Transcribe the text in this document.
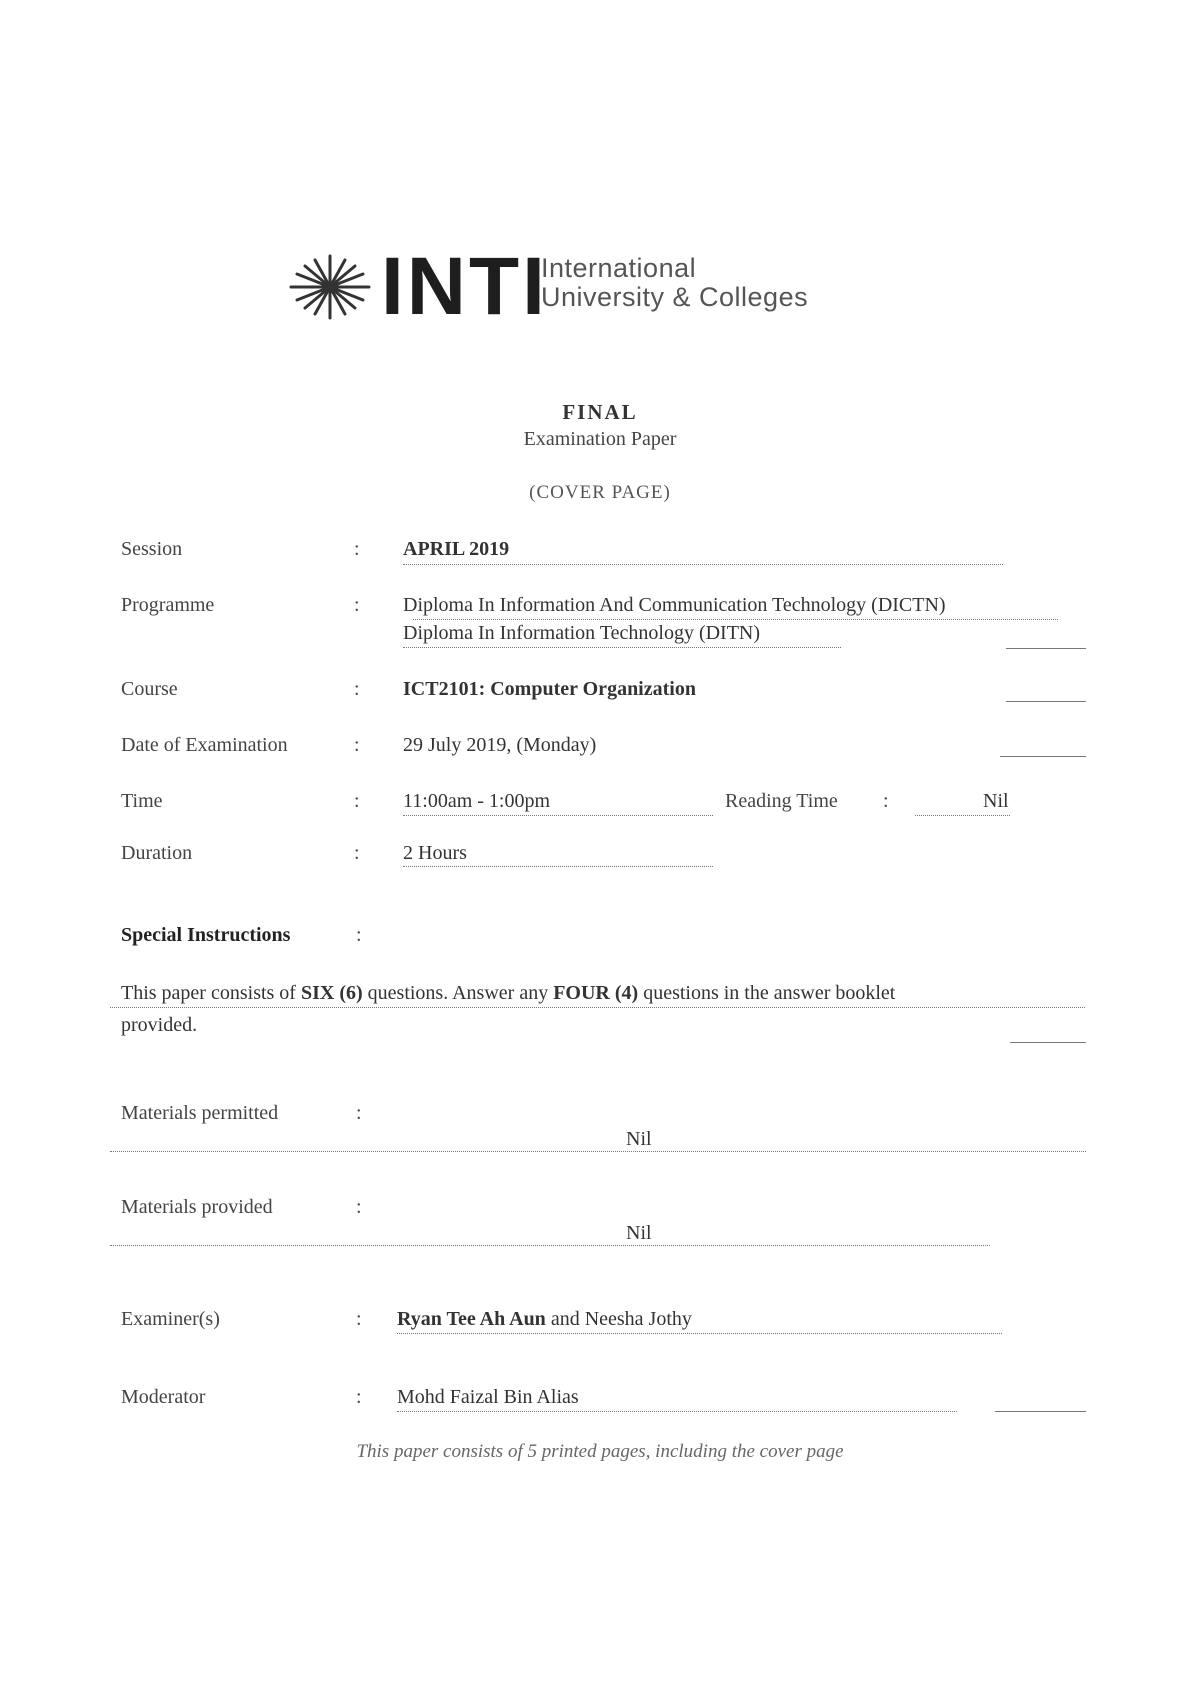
INTI
International
University & Colleges
FINAL
Examination Paper
(COVER PAGE)
Session	: APRIL 2019
Programme	: Diploma In Information And Communication Technology (DICTN)
Diploma In Information Technology (DITN)
Course	: ICT2101: Computer Organization
Date of Examination	: 29 July 2019, (Monday)
Time	: 11:00am - 1:00pm	Reading Time :	Nil
Duration	: 2 Hours
Special Instructions	:
This paper consists of SIX (6) questions. Answer any FOUR (4) questions in the answer booklet
provided.
Materials permitted	:
Nil
Materials provided	:
Nil
Examiner(s)	: Ryan Tee Ah Aun and Neesha Jothy
Moderator	: Mohd Faizal Bin Alias
This paper consists of 5 printed pages, including the cover page
